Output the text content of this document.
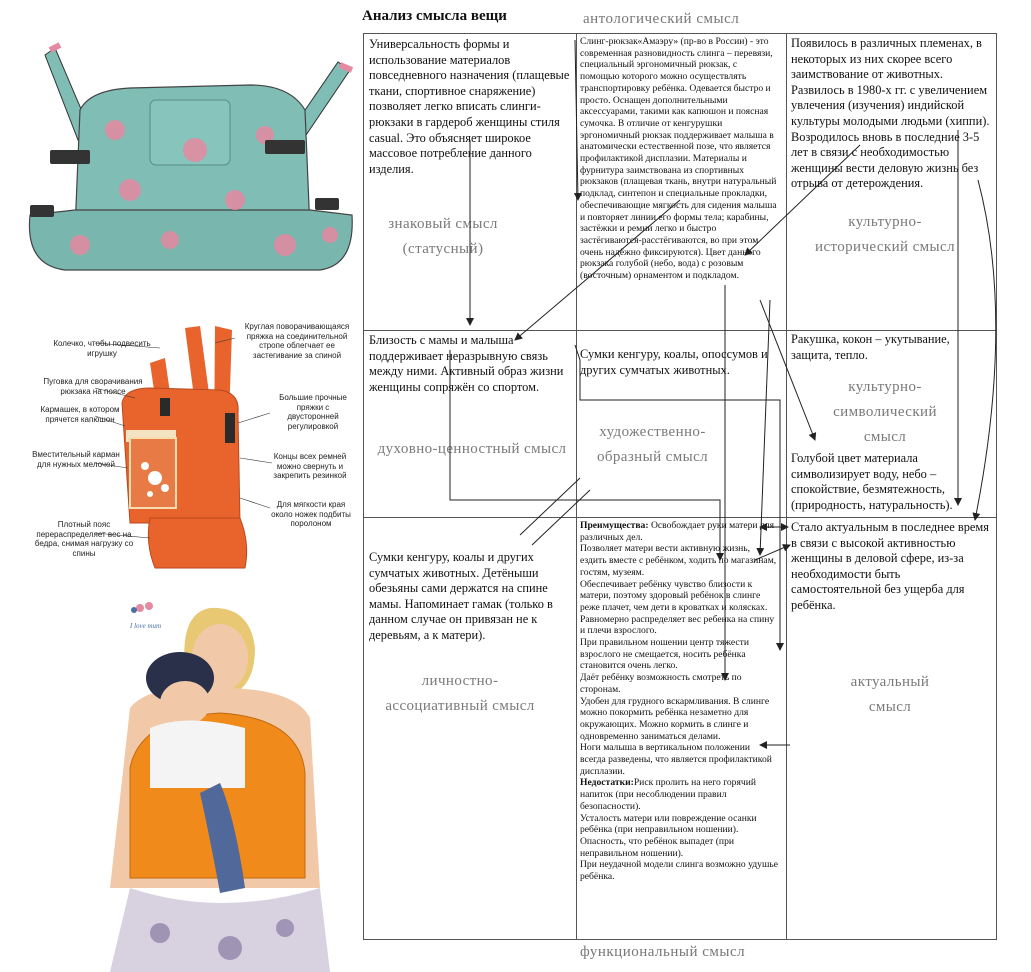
Анализ смысла вещи	антологический смысл
функциональный смысл
Колечко, чтобы подвесить игрушку
Круглая поворачивающаяся пряжка на соединительной стропе облегчает ее застегивание за спиной
Пуговка для сворачивания рюкзака на поясе
Кармашек, в котором прячется капюшон
Большие прочные пряжки с двусторонней регулировкой
Вместительный карман для нужных мелочей
Концы всех ремней можно свернуть и закрепить резинкой
Для мягкости края около ножек подбиты поролоном
Плотный пояс перераспределяет вес на бедра, снимая нагрузку со спины
I love mum
Универсальность формы и использование материалов повседневного назначения (плащевые ткани, спортивное снаряжение) позволяет легко вписать слинги-рюкзаки в гардероб женщины стиля casual. Это объясняет широкое массовое потребление данного изделия.
знаковый смысл (статусный)
Слинг-рюкзак«Амаэру» (пр-во в России) - это современная разновидность слинга – перевязи, специальный эргономичный рюкзак, с помощью которого можно осуществлять транспортировку ребёнка. Одевается быстро и просто. Оснащен дополнительными аксессуарами, такими как капюшон и поясная сумочка. В отличие от кенгурушки эргономичный рюкзак поддерживает малыша в анатомически естественной позе, что является профилактикой дисплазии. Материалы и фурнитура заимствована из спортивных рюкзаков (плащевая ткань, внутри натуральный подклад, синтепон и специальные прокладки, обеспечивающие мягкость для сидения малыша и повторяет линии его формы тела; карабины, застёжки и ремни легко и быстро застёгиваются-расстёгиваются, во при этом очень надёжно фиксируются). Цвет данного рюкзака голубой (небо, вода) с розовым (восточным) орнаментом и подкладом.
Появилось в различных племенах, в некоторых из них скорее всего заимствование от животных. Развилось в 1980-х гг. с увеличением увлечения (изучения) индийской культуры молодыми людьми (хиппи). Возродилось вновь в последние 3-5 лет в связи с необходимостью женщины вести деловую жизнь без отрыва от детерождения.
культурно-исторический смысл
Близость с мамы и малыша поддерживает неразрывную связь между ними. Активный образ жизни женщины сопряжён со спортом.
духовно-ценностный смысл
Сумки кенгуру, коалы, опоссумов и других сумчатых животных.
художественно-образный смысл
Ракушка, кокон – укутывание, защита, тепло.
культурно-символический смысл
Голубой цвет материала символизирует воду, небо – спокойствие, безмятежность, (природность, натуральность).
Сумки кенгуру, коалы и других сумчатых животных. Детёныши обезьяны сами держатся на спине мамы. Напоминает гамак (только в данном случае он привязан не к деревьям, а к матери).
личностно-ассоциативный смысл
Преимущества: Освобождает руки матери для различных дел.
Позволяет матери вести активную жизнь, ездить вместе с ребёнком, ходить по магазинам, гостям, музеям.
Обеспечивает ребёнку чувство близости к матери, поэтому здоровый ребёнок в слинге реже плачет, чем дети в кроватках и колясках.
Равномерно распределяет вес ребенка на спину и плечи взрослого.
При правильном ношении центр тяжести взрослого не смещается, носить ребёнка становится очень легко.
Даёт ребёнку возможность смотреть по сторонам.
Удобен для грудного вскармливания. В слинге можно покормить ребёнка незаметно для окружающих. Можно кормить в слинге и одновременно заниматься делами.
Ноги малыша в вертикальном положении всегда разведены, что является профилактикой дисплазии.
Недостатки:Риск пролить на него горячий напиток (при несоблюдении правил безопасности).
Усталость матери или повреждение осанки ребёнка (при неправильном ношении).
Опасность, что ребёнок выпадет (при неправильном ношении).
При неудачной модели слинга возможно удушье ребёнка.
Стало актуальным в последнее время в связи с высокой активностью женщины в деловой сфере, из-за необходимости быть самостоятельной без ущерба для ребёнка.
актуальный смысл
